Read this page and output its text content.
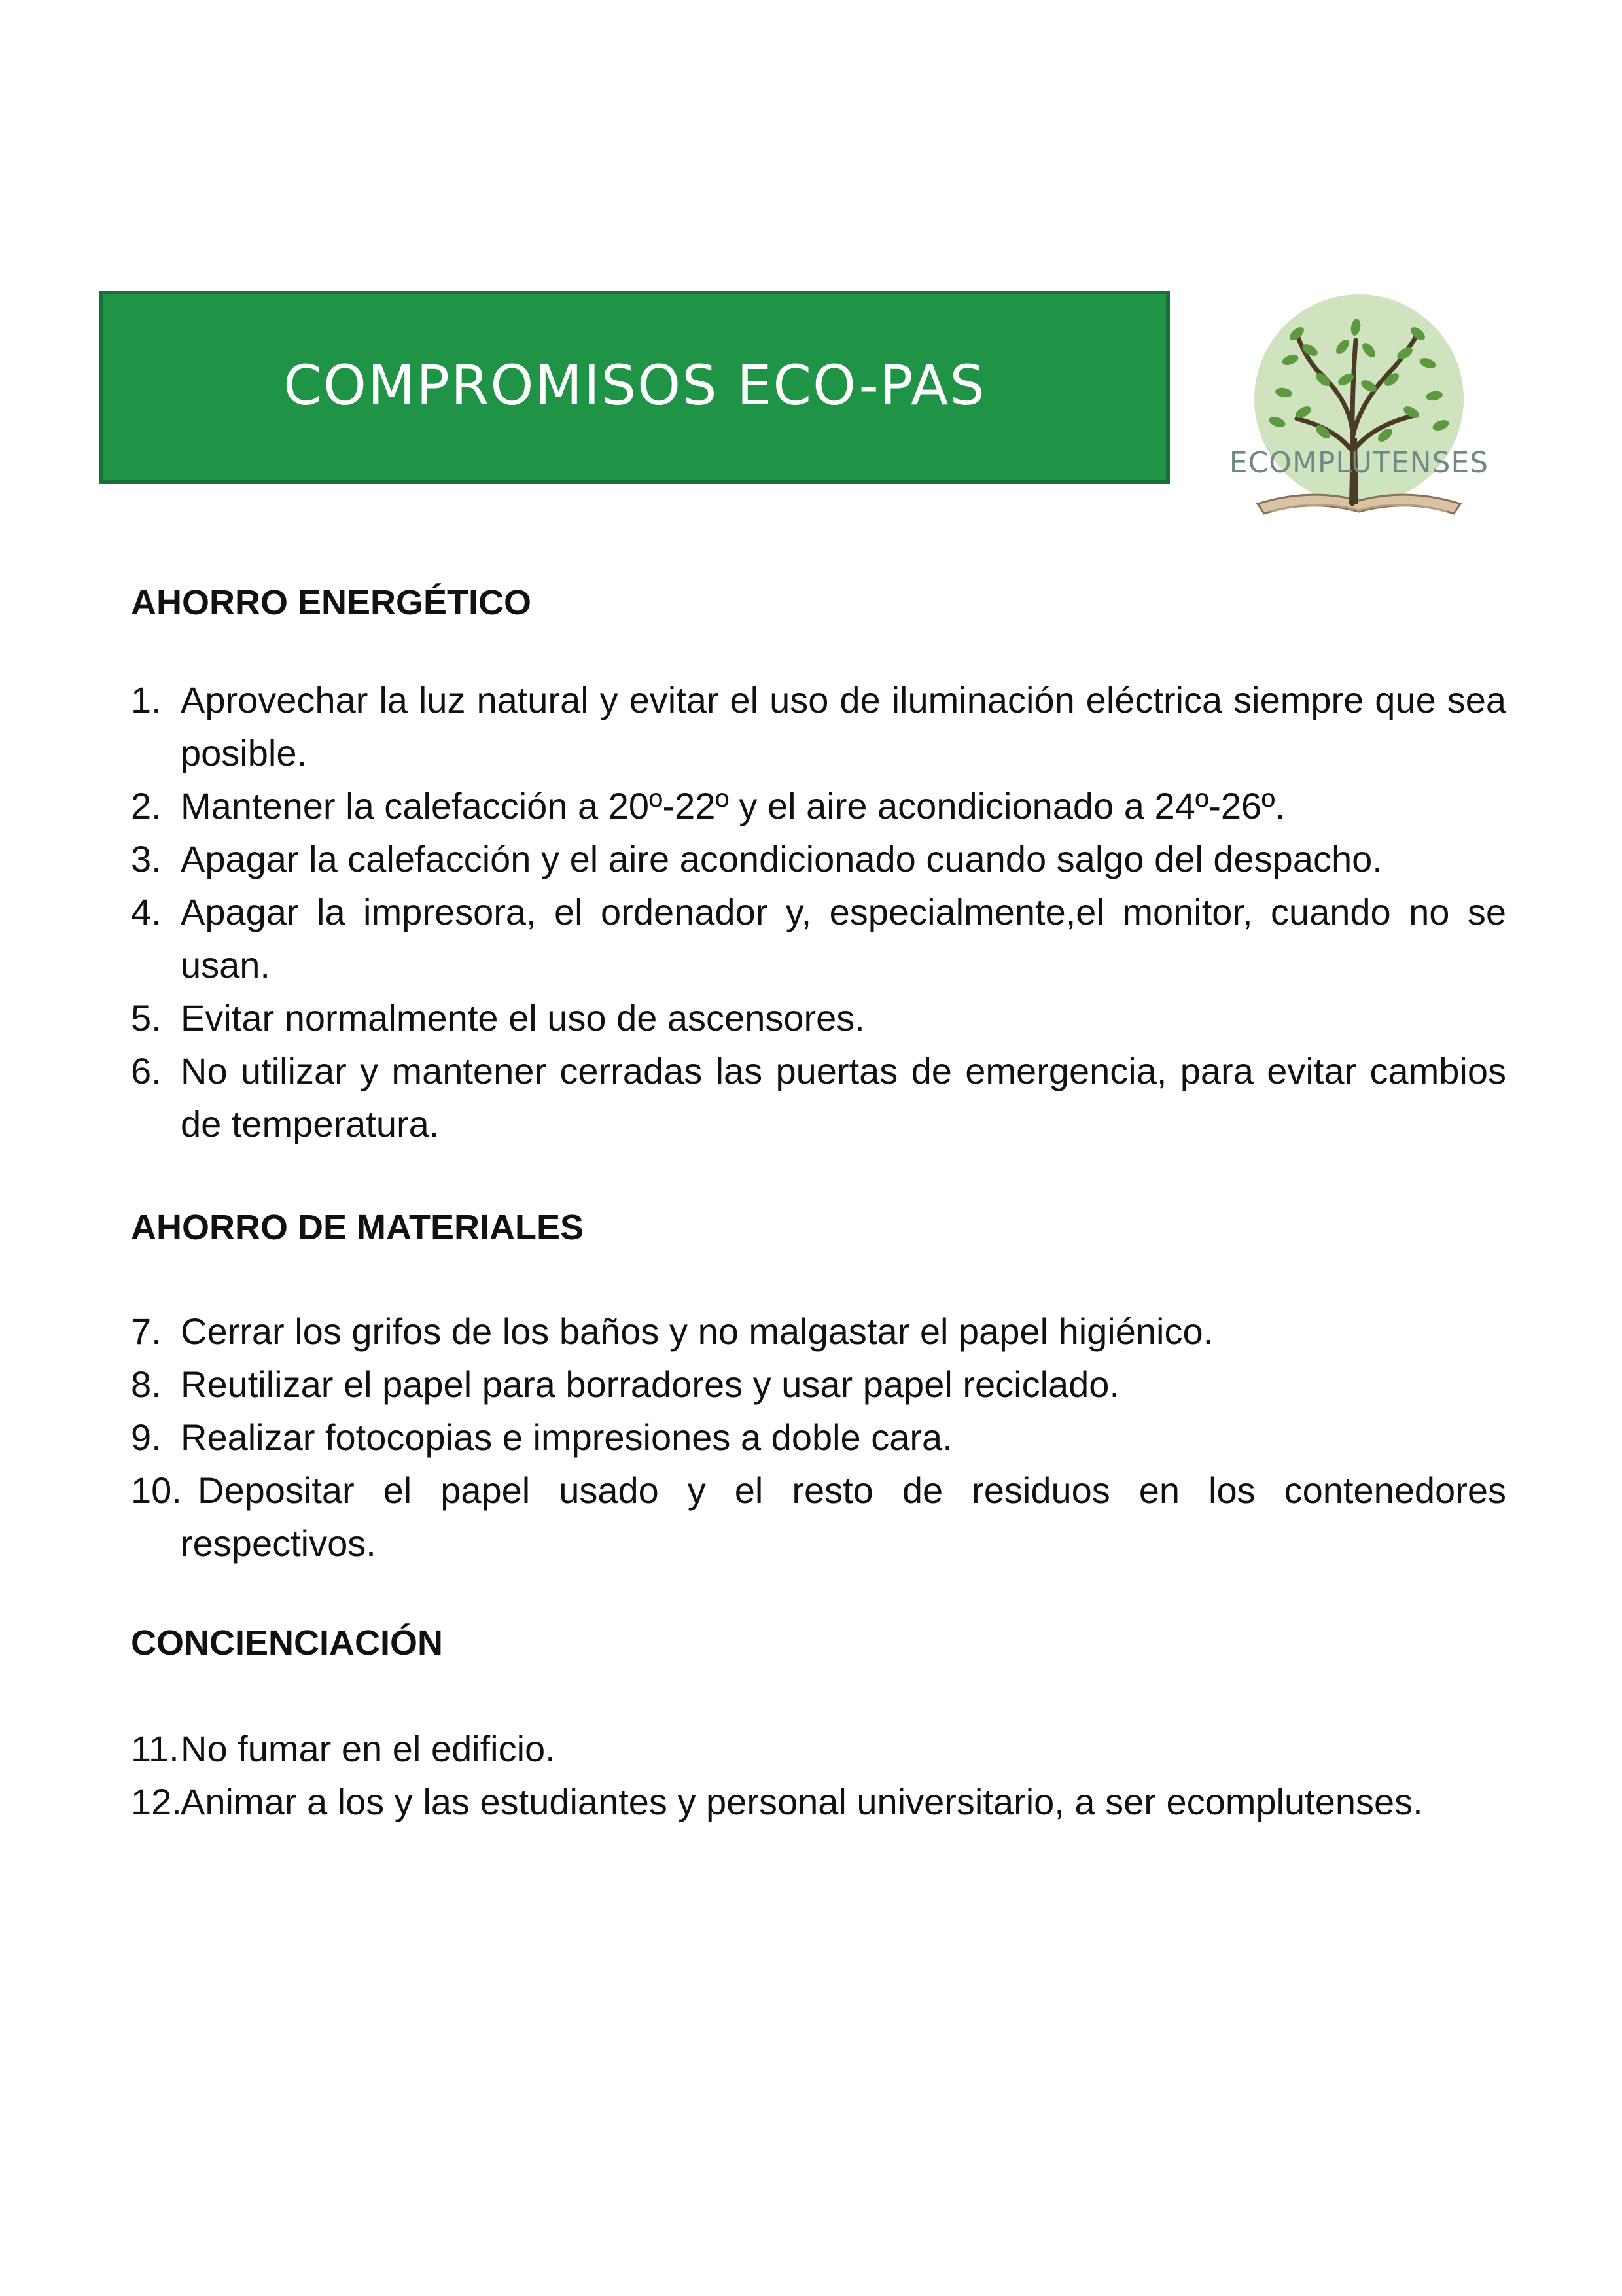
COMPROMISOS ECO-PAS
ECOMPLUTENSES
AHORRO ENERGÉTICO
1. Aprovechar la luz natural y evitar el uso de iluminación eléctrica siempre que sea posible.
2. Mantener la calefacción a 20º-22º y el aire acondicionado a 24º-26º.
3. Apagar la calefacción y el aire acondicionado cuando salgo del despacho.
4. Apagar la impresora, el ordenador y, especialmente,el monitor, cuando no se usan.
5. Evitar normalmente el uso de ascensores.
6. No utilizar y mantener cerradas las puertas de emergencia, para evitar cambios de temperatura.
AHORRO DE MATERIALES
7. Cerrar los grifos de los baños y no malgastar el papel higiénico.
8. Reutilizar el papel para borradores y usar papel reciclado.
9. Realizar fotocopias e impresiones a doble cara.
10. Depositar el papel usado y el resto de residuos en los contenedores respectivos.
CONCIENCIACIÓN
11. No fumar en el edificio.
12.
Animar a los y las estudiantes y personal universitario, a ser ecomplutenses.
